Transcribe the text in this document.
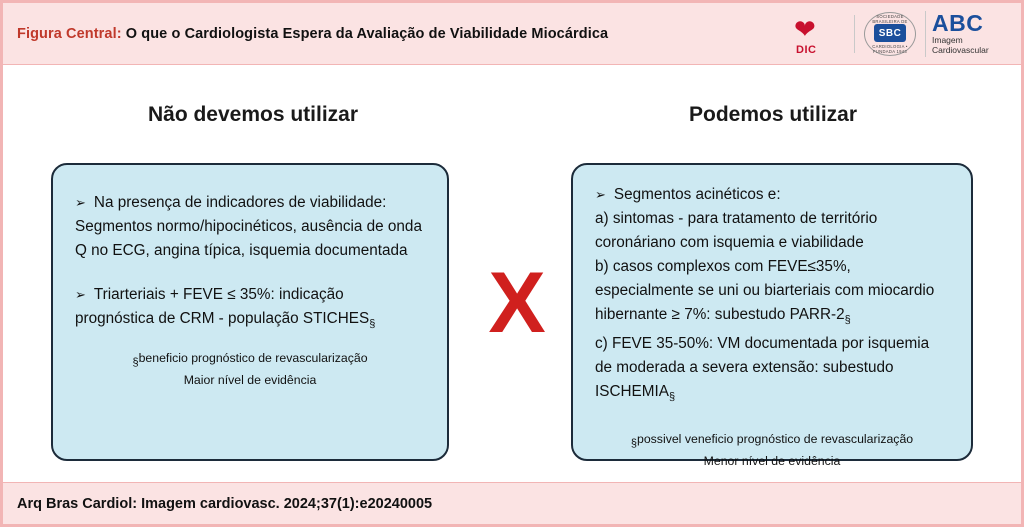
Figura Central: O que o Cardiologista Espera da Avaliação de Viabilidade Miocárdica	❤
DIC
SOCIEDADE BRASILEIRA DE
SBC
CARDIOLOGIA • FUNDADA 1943
ABC
Imagem
Cardiovascular
Não devemos utilizar	Podemos utilizar
➢ Na presença de indicadores de viabilidade: Segmentos normo/hipocinéticos, ausência de onda Q no ECG, angina típica, isquemia documentada
➢ Triarteriais + FEVE ≤ 35%: indicação prognóstica de CRM - população $STICHES_\S$
§beneficio prognóstico de revascularização
Maior nível de evidência
X
➢ Segmentos acinéticos e:
a) sintomas - para tratamento de território coronáriano com isquemia e viabilidade
b) casos complexos com FEVE≤35%, especialmente se uni ou biarteriais com miocardio hibernante ≥ 7%: subestudo PARR-$2_\S$
c) FEVE 35-50%: VM documentada por isquemia de moderada a severa extensão: subestudo $ISCHEMIA_\S$
§possivel veneficio prognóstico de revascularização
Menor nível de evidência
Arq Bras Cardiol: Imagem cardiovasc. 2024;37(1):e20240005
